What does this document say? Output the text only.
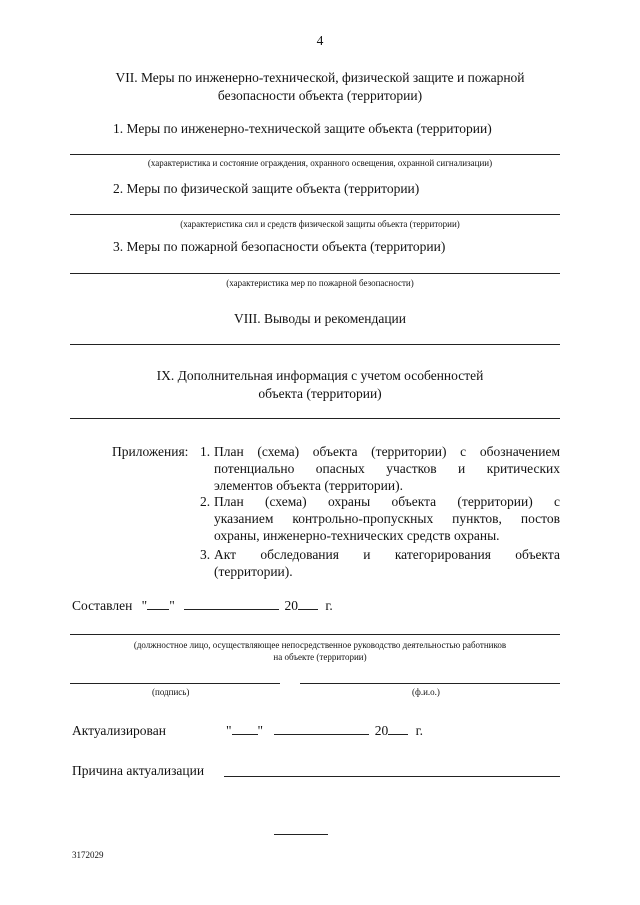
4
VII. Меры по инженерно-технической, физической защите и пожарной
безопасности объекта (территории)
1. Меры по инженерно-технической защите объекта (территории)
(характеристика и состояние ограждения, охранного освещения, охранной сигнализации)
2. Меры по физической защите объекта (территории)
(характеристика сил и средств физической защиты объекта (территории)
3. Меры по пожарной безопасности объекта (территории)
(характеристика мер по пожарной безопасности)
VIII. Выводы и рекомендации
IX. Дополнительная информация с учетом особенностей
объекта (территории)
Приложения: 1. План (схема) объекта (территории) с обозначением
потенциально опасных участков и критических
элементов объекта (территории).
2. План (схема) охраны объекта (территории) с
указанием контрольно-пропускных пунктов, постов
охраны, инженерно-технических средств охраны.
3. Акт обследования и категорирования объекта
(территории).
Составлен " "	20 г.
(должностное лицо, осуществляющее непосредственное руководство деятельностью работников
на объекте (территории)
(подпись)	(ф.и.о.)
Актуализирован	" "	20 г.
Причина актуализации
3172029
